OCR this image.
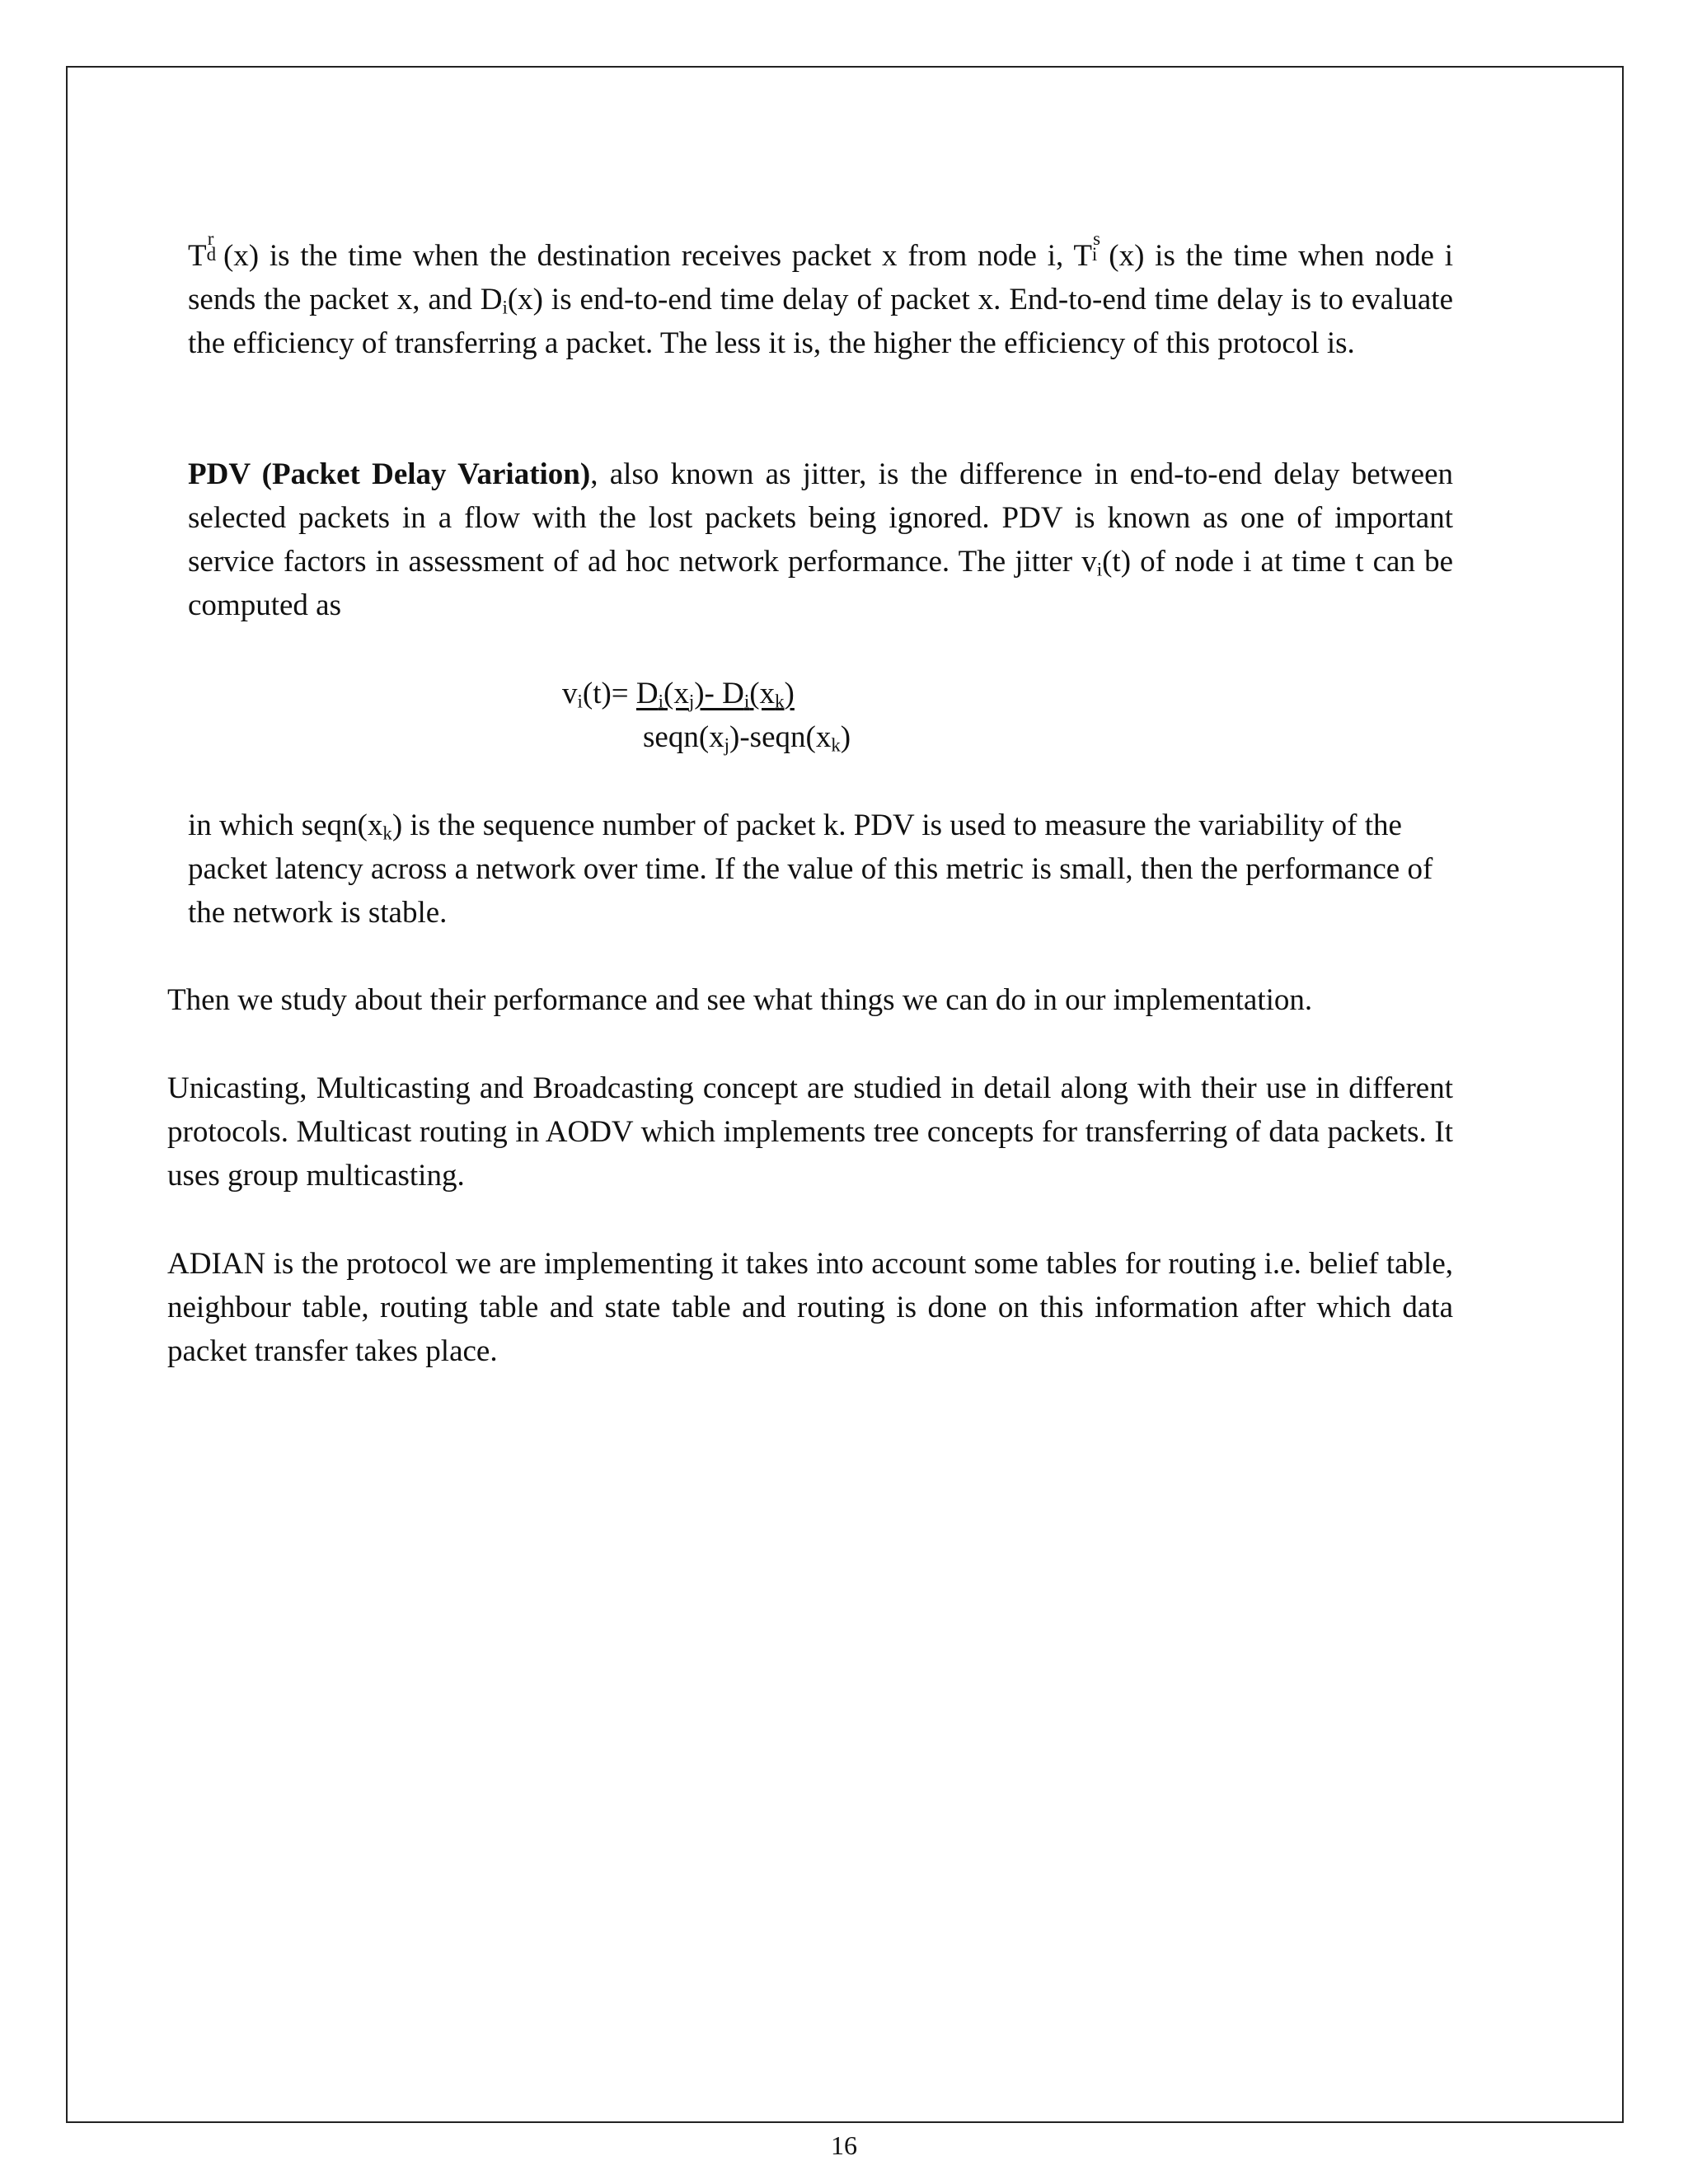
T
r
d (x) is the time when the destination receives packet x from node i, T
s
i (x) is the time when node i sends the packet x, and $D_i(x)$ is end-to-end time delay of packet x. End-to-end time delay is to evaluate the efficiency of transferring a packet. The less it is, the higher the efficiency of this protocol is.

PDV (Packet Delay Variation), also known as jitter, is the difference in end-to-end delay between selected packets in a flow with the lost packets being ignored. PDV is known as one of important service factors in assessment of ad hoc network performance. The jitter $v_i(t)$ of node i at time t can be computed as

$v_i(t)= D_i(x_j)-$ $D_i(x_k)$
$seqn(x_j)-seqn(x_k)$

in which $seqn(x_k)$ is the sequence number of packet k. PDV is used to measure the variability of the packet latency across a network over time. If the value of this metric is small, then the performance of the network is stable.

Then we study about their performance and see what things we can do in our implementation.

Unicasting, Multicasting and Broadcasting concept are studied in detail along with their use in different protocols. Multicast routing in AODV which implements tree concepts for transferring of data packets. It uses group multicasting.

ADIAN is the protocol we are implementing it takes into account some tables for routing i.e. belief table, neighbour table, routing table and state table and routing is done on this information after which data packet transfer takes place.

16
